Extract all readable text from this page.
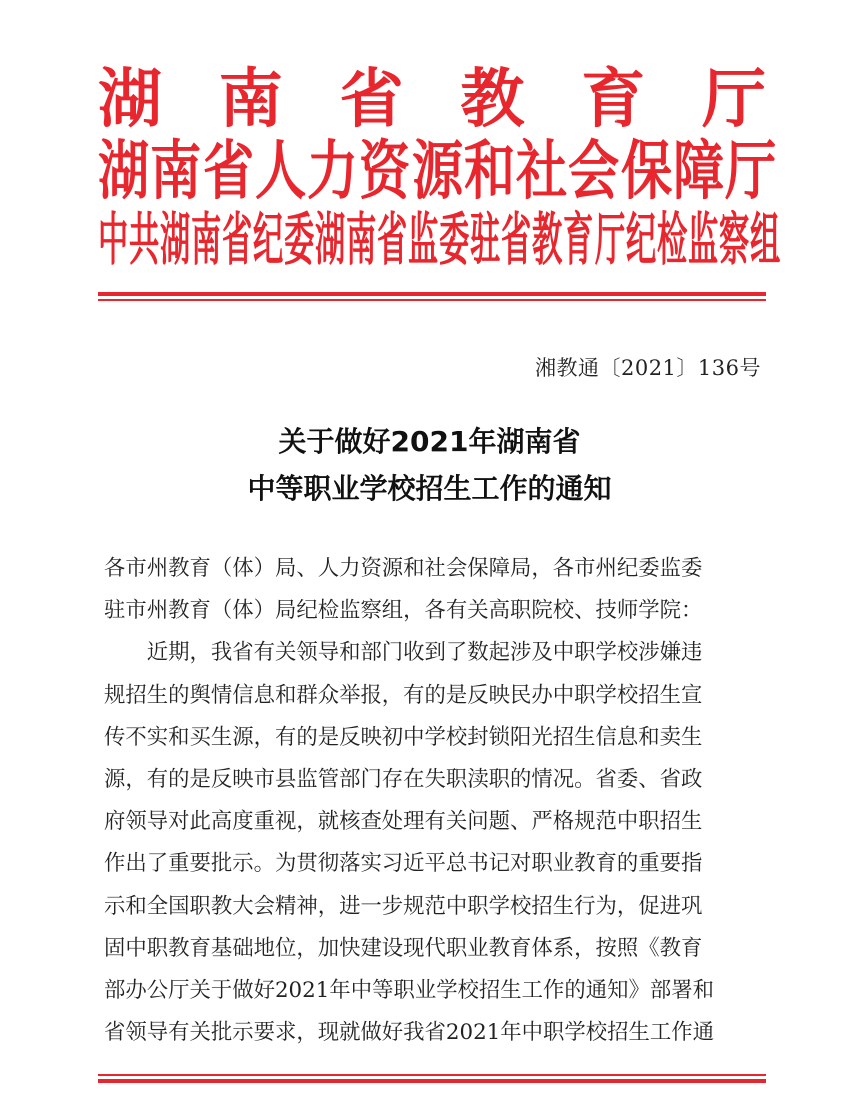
湖 南 省 教 育 厅
湖 南 省 人 力 资 源 和 社 会 保 障 厅
中 共 湖 南 省 纪 委 湖 南 省 监 委 驻 省 教 育 厅 纪 检 监 察 组
湘教通〔2021〕136号
关于做好2021年湖南省
中等职业学校招生工作的通知
各市州教育（体）局、人力资源和社会保障局，各市州纪委监委
驻市州教育（体）局纪检监察组，各有关高职院校、技师学院：
　　近期，我省有关领导和部门收到了数起涉及中职学校涉嫌违
规招生的舆情信息和群众举报，有的是反映民办中职学校招生宣
传不实和买生源，有的是反映初中学校封锁阳光招生信息和卖生
源，有的是反映市县监管部门存在失职渎职的情况。省委、省政
府领导对此高度重视，就核查处理有关问题、严格规范中职招生
作出了重要批示。为贯彻落实习近平总书记对职业教育的重要指
示和全国职教大会精神，进一步规范中职学校招生行为，促进巩
固中职教育基础地位，加快建设现代职业教育体系，按照《教育
部办公厅关于做好2021年中等职业学校招生工作的通知》部署和
省领导有关批示要求，现就做好我省2021年中职学校招生工作通
